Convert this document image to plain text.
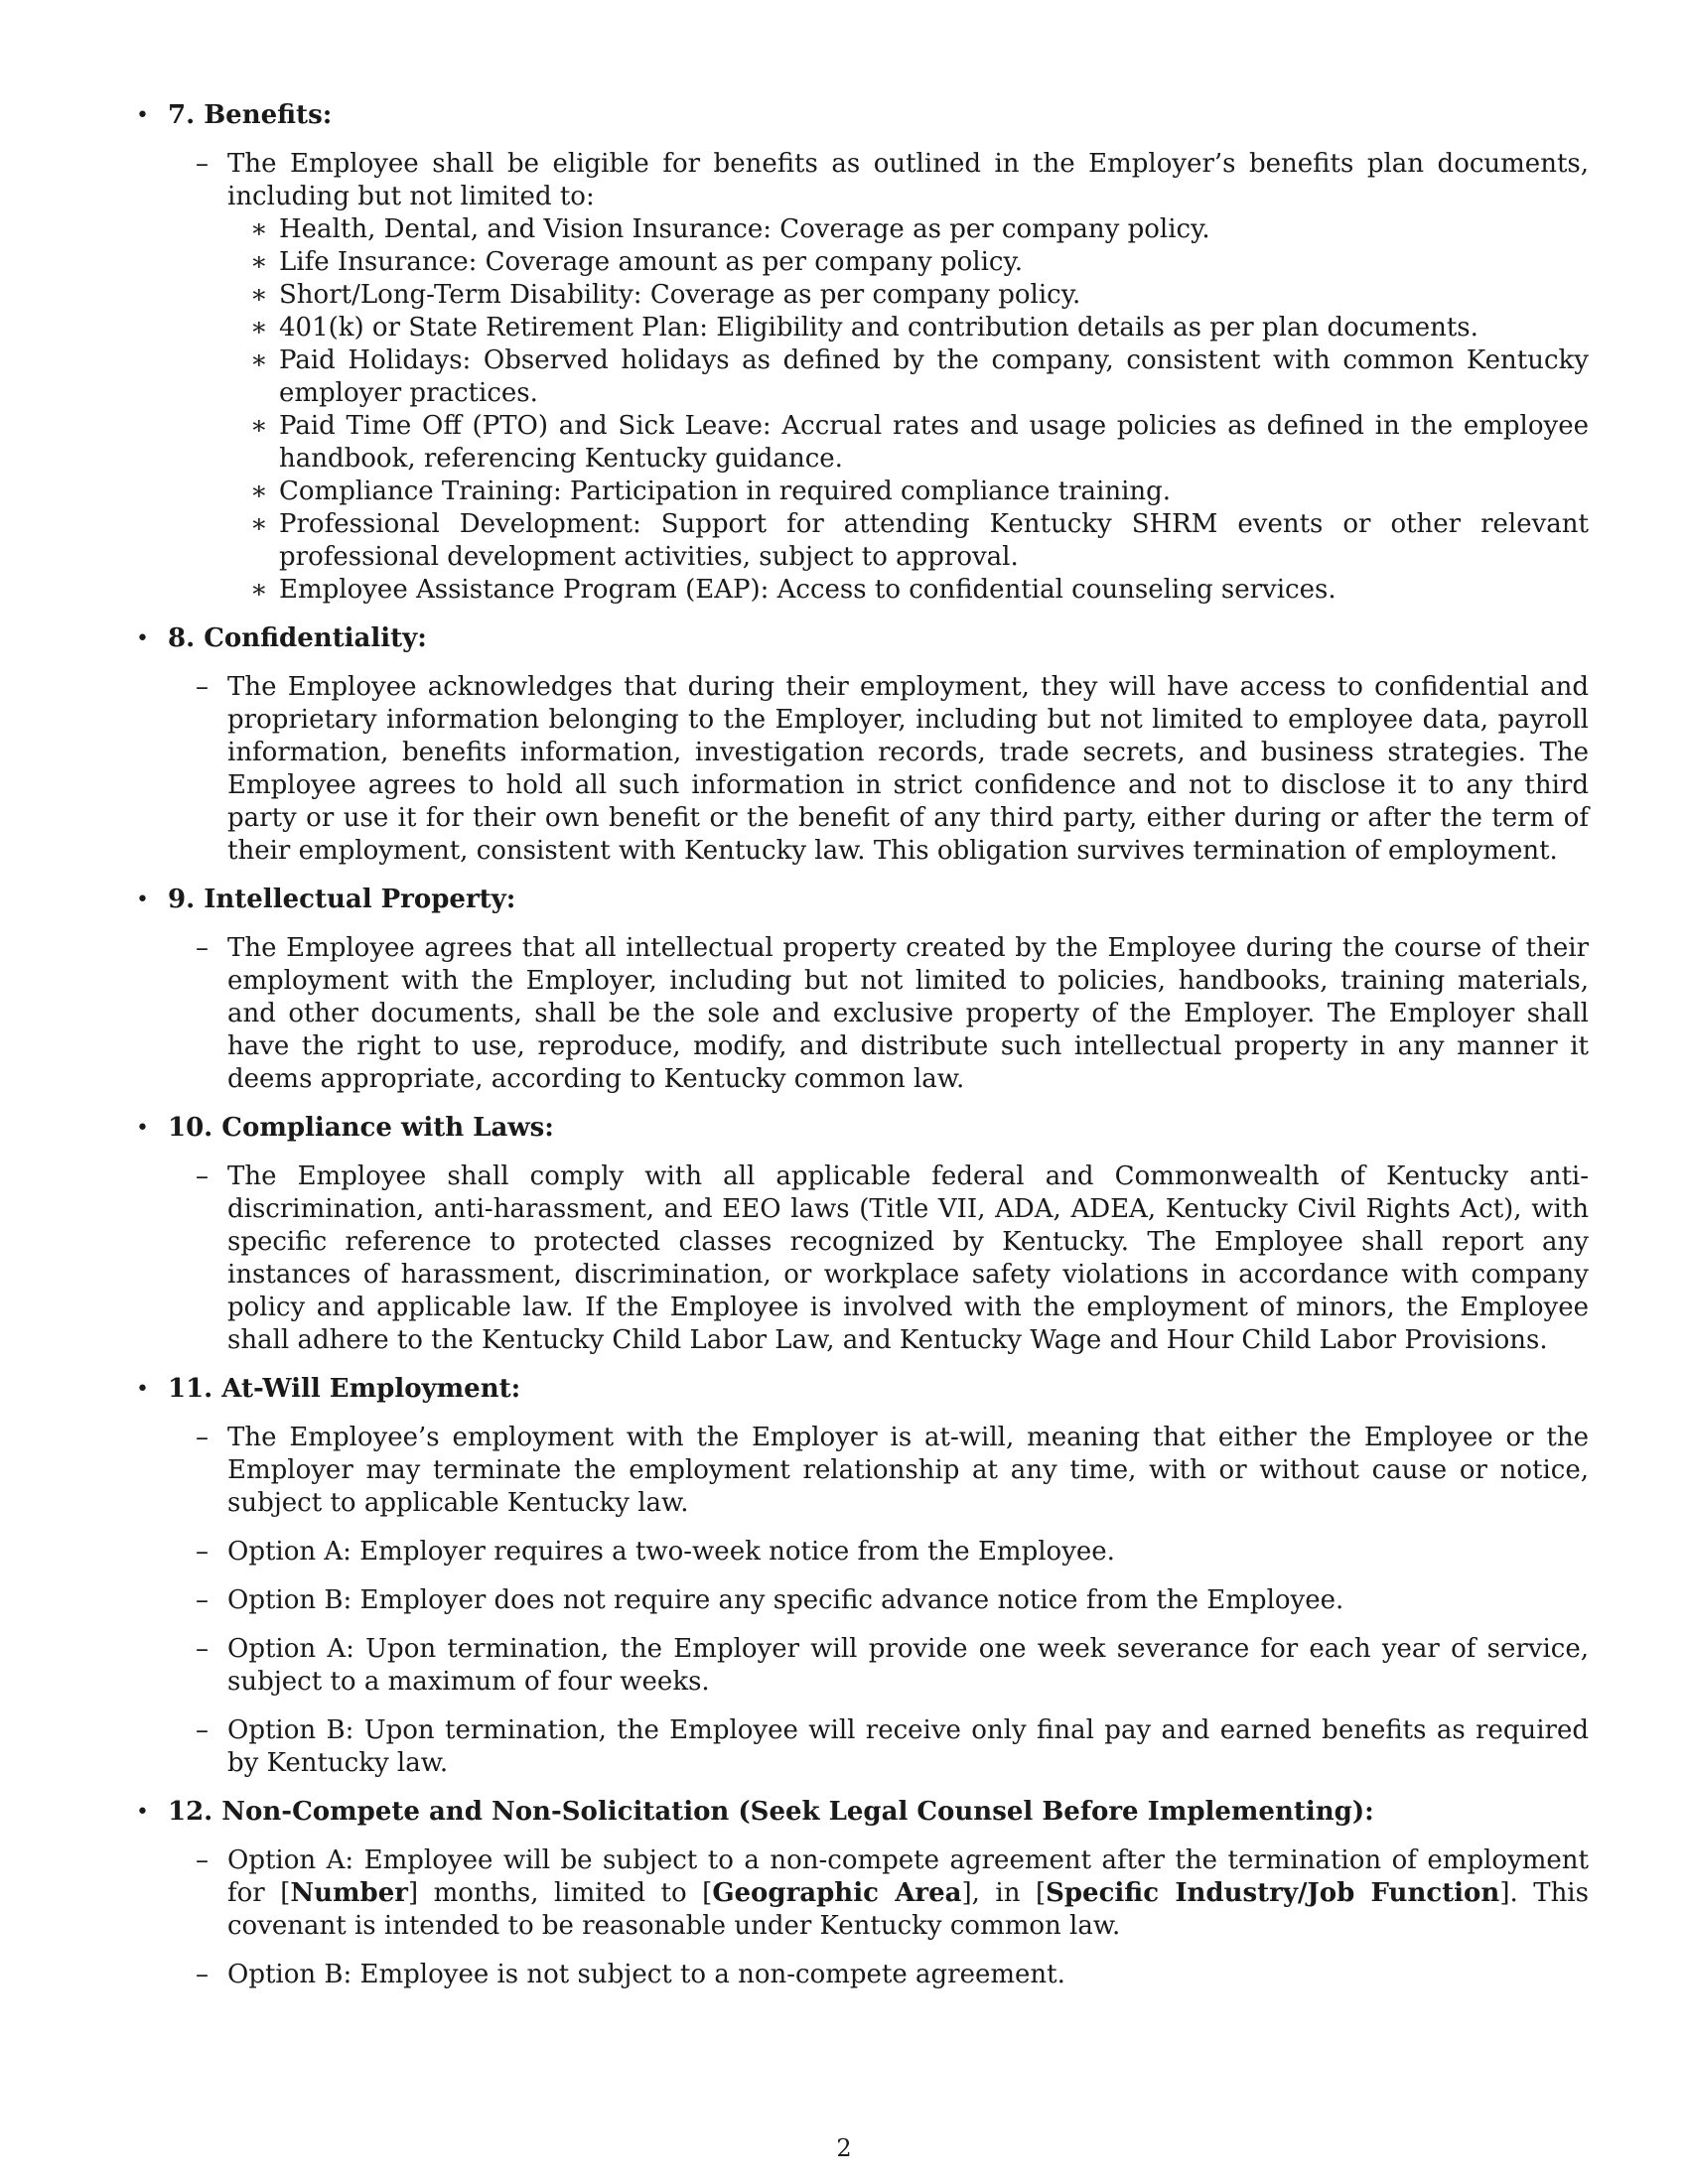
• 7. Benefits:
– The Employee shall be eligible for benefits as outlined in the Employer’s benefits plan documents, including but not limited to:
∗ Health, Dental, and Vision Insurance: Coverage as per company policy.
∗ Life Insurance: Coverage amount as per company policy.
∗ Short/Long-Term Disability: Coverage as per company policy.
∗ 401(k) or State Retirement Plan: Eligibility and contribution details as per plan documents.
∗ Paid Holidays: Observed holidays as defined by the company, consistent with common Kentucky employer practices.
∗ Paid Time Off (PTO) and Sick Leave: Accrual rates and usage policies as defined in the employee handbook, referencing Kentucky guidance.
∗ Compliance Training: Participation in required compliance training.
∗ Professional Development: Support for attending Kentucky SHRM events or other relevant professional development activities, subject to approval.
∗ Employee Assistance Program (EAP): Access to confidential counseling services.
• 8. Confidentiality:
– The Employee acknowledges that during their employment, they will have access to confidential and proprietary information belonging to the Employer, including but not limited to employee data, payroll information, benefits information, investigation records, trade secrets, and business strategies. The Employee agrees to hold all such information in strict confidence and not to disclose it to any third party or use it for their own benefit or the benefit of any third party, either during or after the term of their employment, consistent with Kentucky law. This obligation survives termination of employment.
• 9. Intellectual Property:
– The Employee agrees that all intellectual property created by the Employee during the course of their employment with the Employer, including but not limited to policies, handbooks, training materials, and other documents, shall be the sole and exclusive property of the Employer. The Employer shall have the right to use, reproduce, modify, and distribute such intellectual property in any manner it deems appropriate, according to Kentucky common law.
• 10. Compliance with Laws:
– The Employee shall comply with all applicable federal and Commonwealth of Kentucky anti-discrimination, anti-harassment, and EEO laws (Title VII, ADA, ADEA, Kentucky Civil Rights Act), with specific reference to protected classes recognized by Kentucky. The Employee shall report any instances of harassment, discrimination, or workplace safety violations in accordance with company policy and applicable law. If the Employee is involved with the employment of minors, the Employee shall adhere to the Kentucky Child Labor Law, and Kentucky Wage and Hour Child Labor Provisions.
• 11. At-Will Employment:
– The Employee’s employment with the Employer is at-will, meaning that either the Employee or the Employer may terminate the employment relationship at any time, with or without cause or notice, subject to applicable Kentucky law.
– Option A: Employer requires a two-week notice from the Employee.
– Option B: Employer does not require any specific advance notice from the Employee.
– Option A: Upon termination, the Employer will provide one week severance for each year of service, subject to a maximum of four weeks.
– Option B: Upon termination, the Employee will receive only final pay and earned benefits as required by Kentucky law.
• 12. Non-Compete and Non-Solicitation (Seek Legal Counsel Before Implementing):
– Option A: Employee will be subject to a non-compete agreement after the termination of employment for [Number] months, limited to [Geographic Area], in [Specific Industry/Job Function]. This covenant is intended to be reasonable under Kentucky common law.
– Option B: Employee is not subject to a non-compete agreement.
2
